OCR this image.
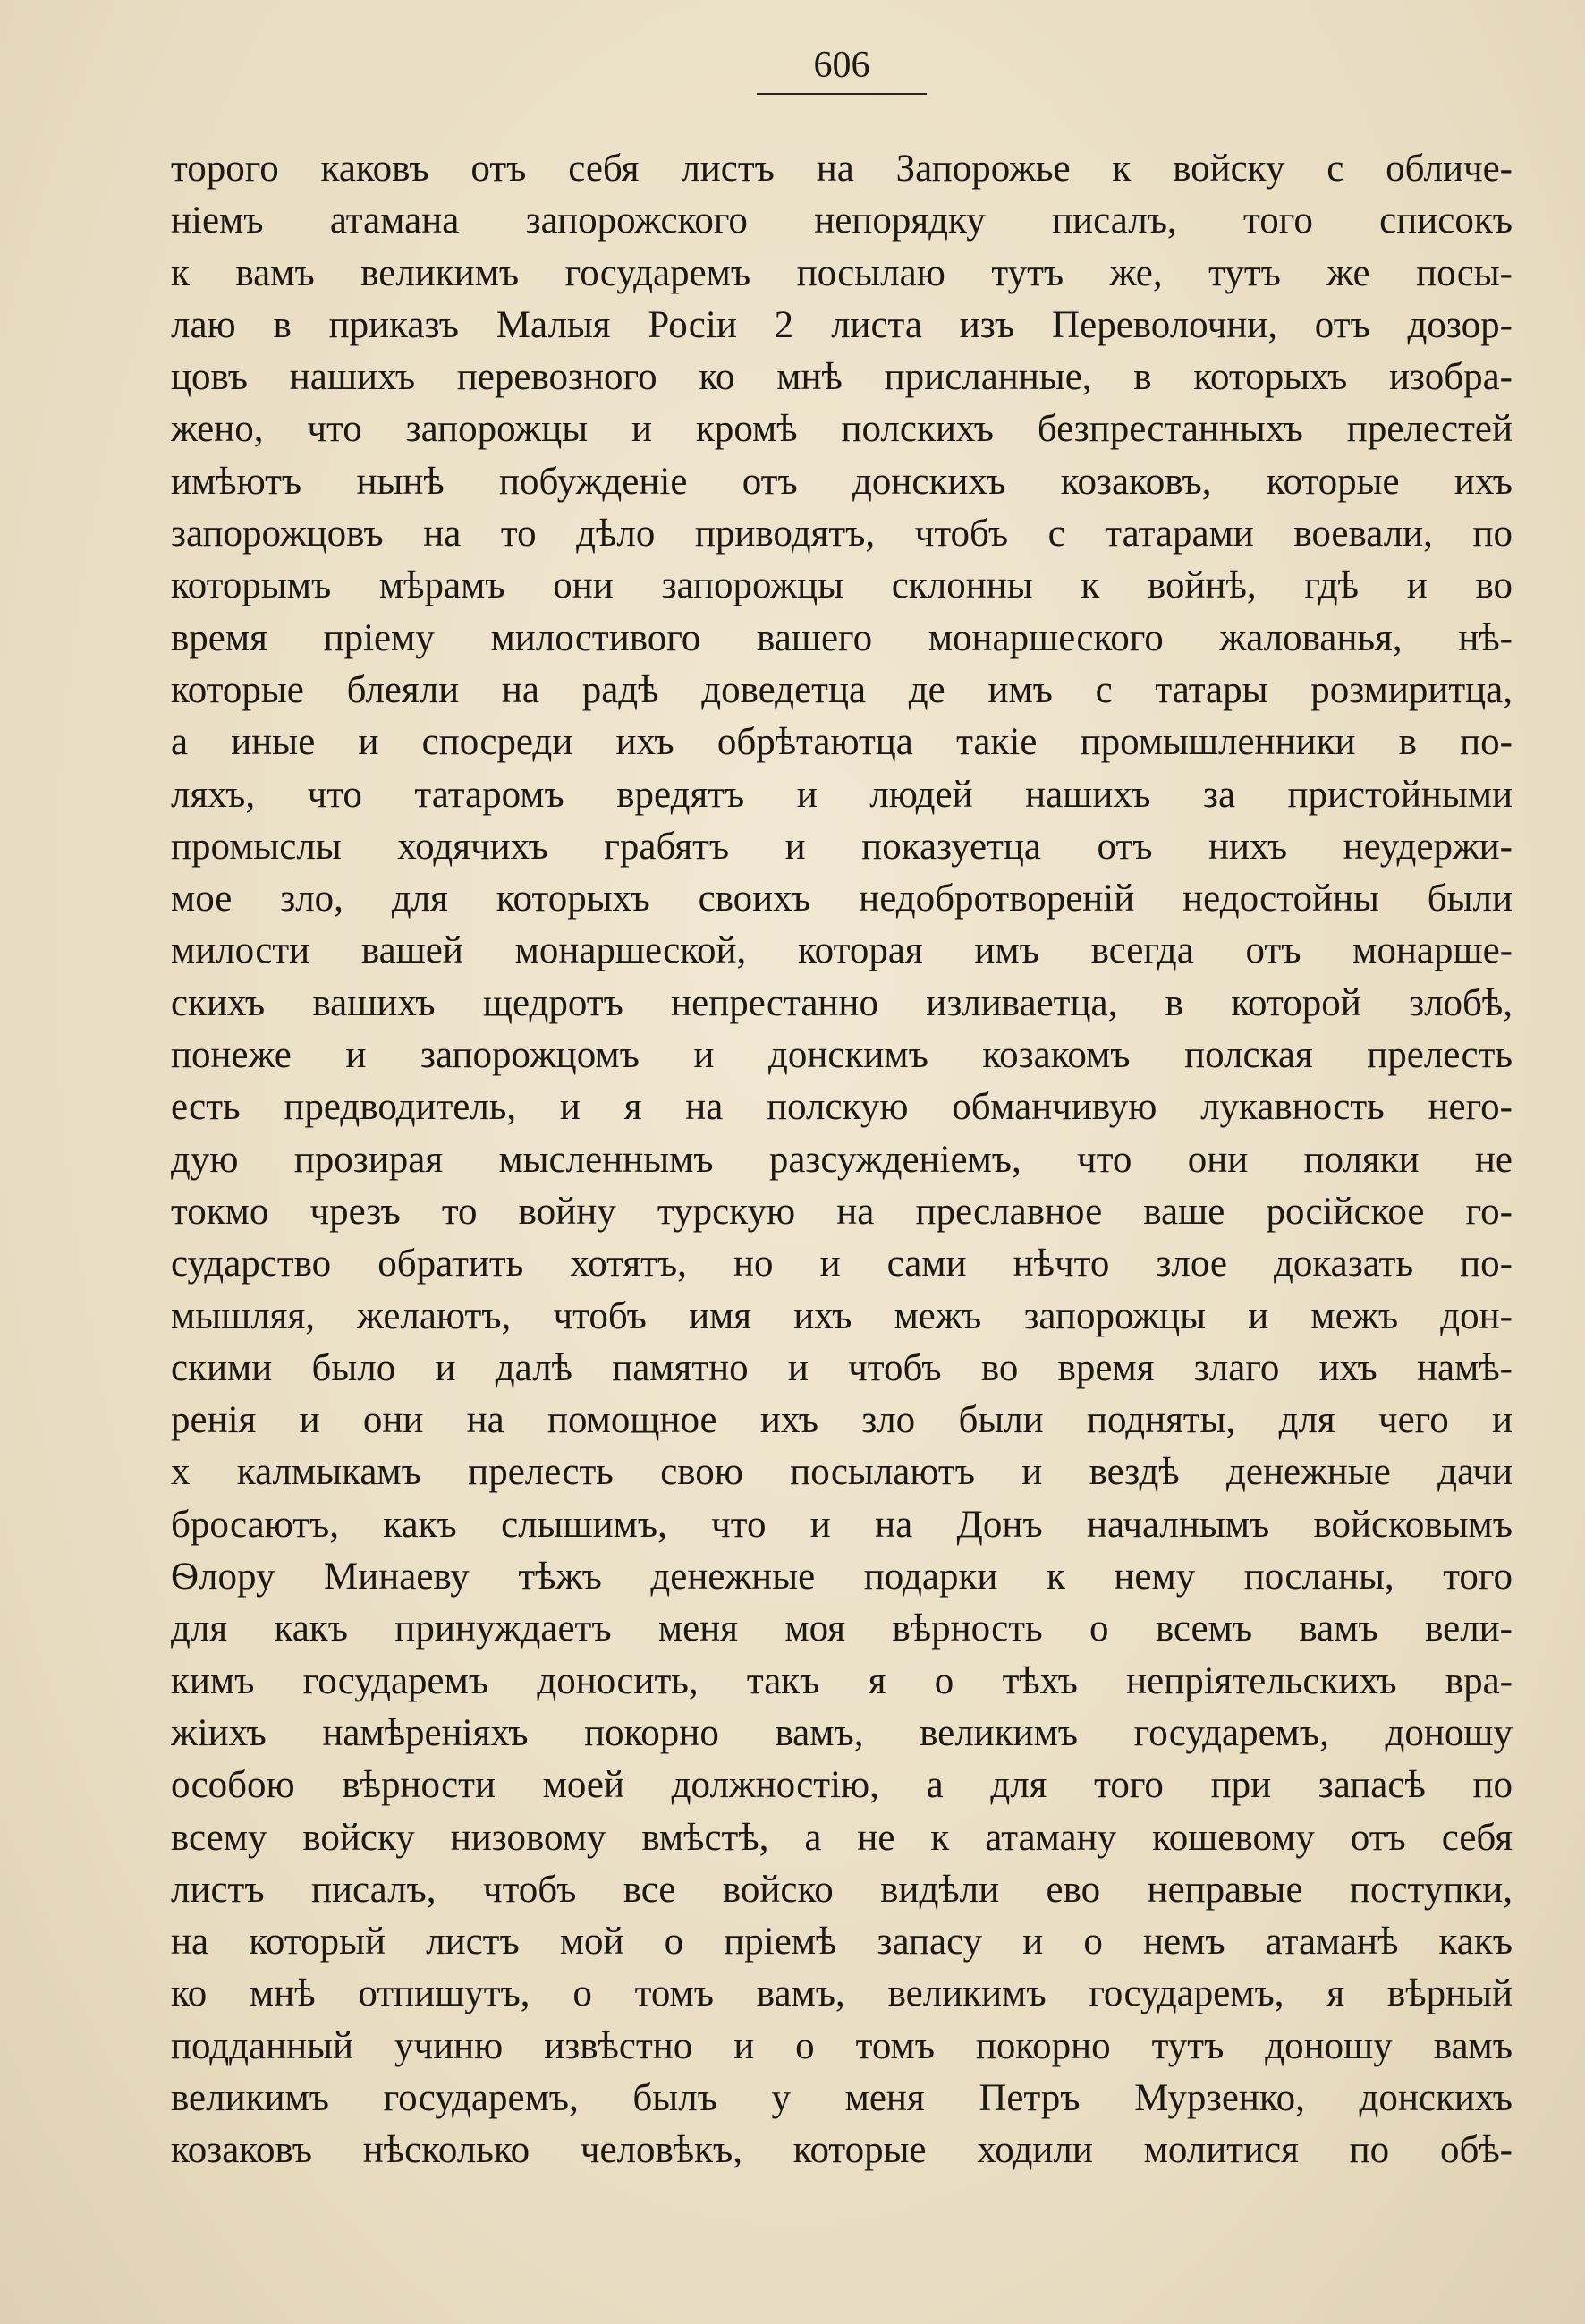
606
торого каковъ отъ себя листъ на Запорожье к войску с обличе-
ніемъ атамана запорожского непорядку писалъ, того списокъ
к вамъ великимъ государемъ посылаю тутъ же, тутъ же посы-
лаю в приказъ Малыя Росіи 2 листа изъ Переволочни, отъ дозор-
цовъ нашихъ перевозного ко мнѣ присланные, в которыхъ изобра-
жено, что запорожцы и кромѣ полскихъ безпрестанныхъ прелестей
имѣютъ нынѣ побужденіе отъ донскихъ козаковъ, которые ихъ
запорожцовъ на то дѣло приводятъ, чтобъ с татарами воевали, по
которымъ мѣрамъ они запорожцы склонны к войнѣ, гдѣ и во
время пріему милостивого вашего монаршеского жалованья, нѣ-
которые блеяли на радѣ доведетца де имъ с татары розмиритца,
а иные и спосреди ихъ обрѣтаютца такіе промышленники в по-
ляхъ, что татаромъ вредятъ и людей нашихъ за пристойными
промыслы ходячихъ грабятъ и показуетца отъ нихъ неудержи-
мое зло, для которыхъ своихъ недобротвореній недостойны были
милости вашей монаршеской, которая имъ всегда отъ монарше-
скихъ вашихъ щедротъ непрестанно изливаетца, в которой злобѣ,
понеже и запорожцомъ и донскимъ козакомъ полская прелесть
есть предводитель, и я на полскую обманчивую лукавность него-
дую прозирая мысленнымъ разсужденіемъ, что они поляки не
токмо чрезъ то войну турскую на преславное ваше російское го-
сударство обратить хотятъ, но и сами нѣчто злое доказать по-
мышляя, желаютъ, чтобъ имя ихъ межъ запорожцы и межъ дон-
скими было и далѣ памятно и чтобъ во время злаго ихъ намѣ-
ренія и они на помощное ихъ зло были подняты, для чего и
х калмыкамъ прелесть свою посылаютъ и вездѣ денежные дачи
бросаютъ, какъ слышимъ, что и на Донъ началнымъ войсковымъ
Ѳлору Минаеву тѣжъ денежные подарки к нему посланы, того
для какъ принуждаетъ меня моя вѣрность о всемъ вамъ вели-
кимъ государемъ доносить, такъ я о тѣхъ непріятельскихъ вра-
жіихъ намѣреніяхъ покорно вамъ, великимъ государемъ, доношу
особою вѣрности моей должностію, а для того при запасѣ по
всему войску низовому вмѣстѣ, а не к атаману кошевому отъ себя
листъ писалъ, чтобъ все войско видѣли ево неправые поступки,
на который листъ мой о пріемѣ запасу и о немъ атаманѣ какъ
ко мнѣ отпишутъ, о томъ вамъ, великимъ государемъ, я вѣрный
подданный учиню извѣстно и о томъ покорно тутъ доношу вамъ
великимъ государемъ, былъ у меня Петръ Мурзенко, донскихъ
козаковъ нѣсколько человѣкъ, которые ходили молитися по обѣ-
